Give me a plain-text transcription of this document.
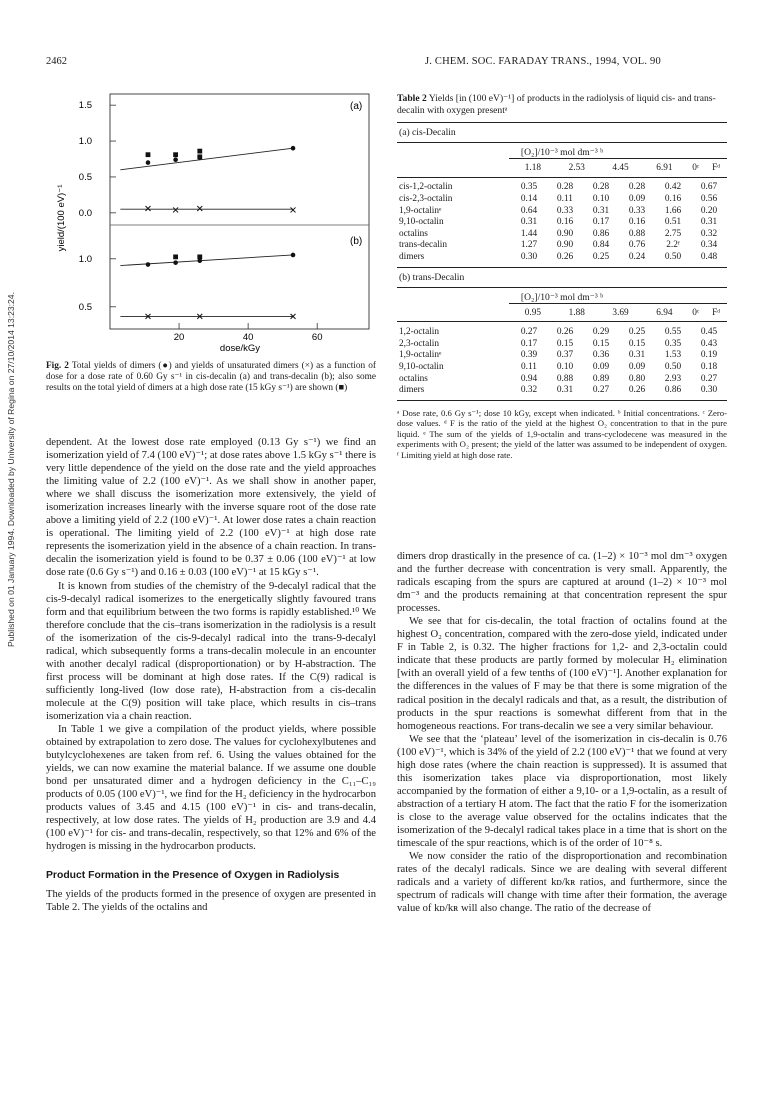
Published on 01 January 1994. Downloaded by University of Regina on 27/10/2014 13:23:24.
2462	J. CHEM. SOC. FARADAY TRANS., 1994, VOL. 90
(a)
(b)
yield/(100 eV)⁻¹
dose/kGy
1.5
1.0
0.5
0.0
1.0
0.5
20	40	60
Fig. 2 Total yields of dimers (●) and yields of unsaturated dimers (×) as a function of dose for a dose rate of 0.60 Gy s⁻¹ in cis-decalin (a) and trans-decalin (b); also some results on the total yield of dimers at a high dose rate (15 kGy s⁻¹) are shown (■)
Table 2 Yields [in (100 eV)⁻¹] of products in the radiolysis of liquid cis- and trans-decalin with oxygen presentᵃ
(a) cis-Decalin
[O₂]/10⁻³ mol dm⁻³ ᵇ
	1.18	2.53	4.45	6.91	0ᶜ	Fᵈ
cis-1,2-octalin	0.35	0.28	0.28	0.28	0.42	0.67
cis-2,3-octalin	0.14	0.11	0.10	0.09	0.16	0.56
1,9-octalinᵉ	0.64	0.33	0.31	0.33	1.66	0.20
9,10-octalin	0.31	0.16	0.17	0.16	0.51	0.31
octalins	1.44	0.90	0.86	0.88	2.75	0.32
trans-decalin	1.27	0.90	0.84	0.76	2.2ᶠ	0.34
dimers	0.30	0.26	0.25	0.24	0.50	0.48
(b) trans-Decalin
[O₂]/10⁻³ mol dm⁻³ ᵇ
	0.95	1.88	3.69	6.94	0ᶜ	Fᵈ
1,2-octalin	0.27	0.26	0.29	0.25	0.55	0.45
2,3-octalin	0.17	0.15	0.15	0.15	0.35	0.43
1,9-octalinᵉ	0.39	0.37	0.36	0.31	1.53	0.19
9,10-octalin	0.11	0.10	0.09	0.09	0.50	0.18
octalins	0.94	0.88	0.89	0.80	2.93	0.27
dimers	0.32	0.31	0.27	0.26	0.86	0.30
ᵃ Dose rate, 0.6 Gy s⁻¹; dose 10 kGy, except when indicated. ᵇ Initial concentrations. ᶜ Zero-dose values. ᵈ F is the ratio of the yield at the highest O₂ concentration to that in the pure liquid. ᵉ The sum of the yields of 1,9-octalin and trans-cyclodecene was measured in the experiments with O₂ present; the yield of the latter was assumed to be independent of oxygen. ᶠ Limiting yield at high dose rate.

dependent. At the lowest dose rate employed (0.13 Gy s⁻¹) we find an isomerization yield of 7.4 (100 eV)⁻¹; at dose rates above 1.5 kGy s⁻¹ there is very little dependence of the yield on the dose rate and the yield approaches the limiting value of 2.2 (100 eV)⁻¹. As we shall show in another paper, where we shall discuss the isomerization more extensively, the yield of isomerization increases linearly with the inverse square root of the dose rate above a limiting yield of 2.2 (100 eV)⁻¹. At lower dose rates a chain reaction is operational. The limiting yield of 2.2 (100 eV)⁻¹ at high dose rate represents the isomerization yield in the absence of a chain reaction. In trans-decalin the isomerization yield is found to be 0.37 ± 0.06 (100 eV)⁻¹ at low dose rate (0.6 Gy s⁻¹) and 0.16 ± 0.03 (100 eV)⁻¹ at 15 kGy s⁻¹.

It is known from studies of the chemistry of the 9-decalyl radical that the cis-9-decalyl radical isomerizes to the energetically slightly favoured trans form and that equilibrium between the two forms is rapidly established.¹⁰ We therefore conclude that the cis–trans isomerization in the radiolysis is a result of the isomerization of the cis-9-decalyl radical into the trans-9-decalyl radical, which subsequently forms a trans-decalin molecule in an encounter with another decalyl radical (disproportionation) or by H-abstraction. The first process will be dominant at high dose rates. If the C(9) radical is sufficiently long-lived (low dose rate), H-abstraction from a cis-decalin molecule at the C(9) position will take place, which results in cis–trans isomerization via a chain reaction.

In Table 1 we give a compilation of the product yields, where possible obtained by extrapolation to zero dose. The values for cyclohexylbutenes and butylcyclohexenes are taken from ref. 6. Using the values obtained for the yields, we can now examine the material balance. If we assume one double bond per unsaturated dimer and a hydrogen deficiency in the C₁₁–C₁₉ products of 0.05 (100 eV)⁻¹, we find for the H₂ deficiency in the hydrocarbon products values of 3.45 and 4.15 (100 eV)⁻¹ in cis- and trans-decalin, respectively, at low dose rates. The yields of H₂ production are 3.9 and 4.4 (100 eV)⁻¹ for cis- and trans-decalin, respectively, so that 12% and 6% of the hydrogen is missing in the hydrocarbon products.

Product Formation in the Presence of Oxygen in Radiolysis

The yields of the products formed in the presence of oxygen are presented in Table 2. The yields of the octalins and

dimers drop drastically in the presence of ca. (1–2) × 10⁻³ mol dm⁻³ oxygen and the further decrease with concentration is very small. Apparently, the radicals escaping from the spurs are captured at around (1–2) × 10⁻³ mol dm⁻³ and the products remaining at that concentration represent the spur processes.

We see that for cis-decalin, the total fraction of octalins found at the highest O₂ concentration, compared with the zero-dose yield, indicated under F in Table 2, is 0.32. The higher fractions for 1,2- and 2,3-octalin could indicate that these products are partly formed by molecular H₂ elimination [with an overall yield of a few tenths of (100 eV)⁻¹]. Another explanation for the differences in the values of F may be that there is some migration of the radical position in the decalyl radicals and that, as a result, the distribution of products in the spur reactions is somewhat different from that in the homogeneous reactions. For trans-decalin we see a very similar behaviour.

We see that the ‘plateau’ level of the isomerization in cis-decalin is 0.76 (100 eV)⁻¹, which is 34% of the yield of 2.2 (100 eV)⁻¹ that we found at very high dose rates (where the chain reaction is suppressed). It is assumed that this isomerization takes place via disproportionation, most likely accompanied by the formation of either a 9,10- or a 1,9-octalin, as a result of abstraction of a tertiary H atom. The fact that the ratio F for the isomerization is close to the average value observed for the octalins indicates that the isomerization of the 9-decalyl radical takes place in a time that is short on the timescale of the spur reactions, which is of the order of 10⁻⁸ s.

We now consider the ratio of the disproportionation and recombination rates of the decalyl radicals. Since we are dealing with several different radicals and a variety of different kᴅ/kʀ ratios, and furthermore, since the spectrum of radicals will change with time after their formation, the average value of kᴅ/kʀ will also change. The ratio of the decrease of
